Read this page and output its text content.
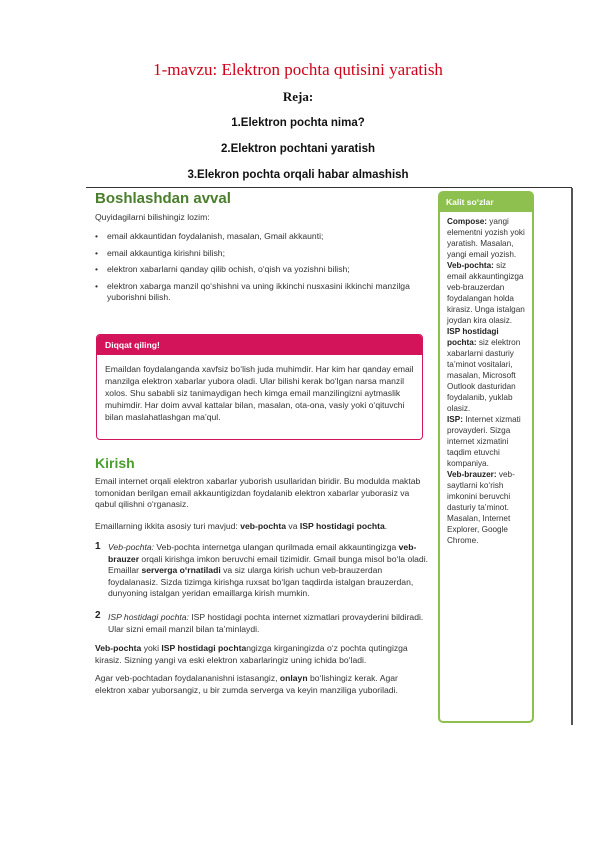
1-mavzu: Elektron pochta qutisini yaratish
Reja:
1.Elektron pochta nima?
2.Elektron pochtani yaratish
3.Elekron pochta orqali habar almashish
Boshlashdan avval
Quyidagilarni bilishingiz lozim:
• email akkauntidan foydalanish, masalan, Gmail akkaunti;
• email akkauntiga kirishni bilish;
• elektron xabarlarni qanday qilib ochish, o‘qish va yozishni bilish;
• elektron xabarga manzil qo‘shishni va uning ikkinchi nusxasini ikkinchi manzilga yuborishni bilish.
Diqqat qiling!
Emaildan foydalanganda xavfsiz bo‘lish juda muhimdir. Har kim har qanday email manzilga elektron xabarlar yubora oladi. Ular bilishi kerak bo‘lgan narsa manzil xolos. Shu sababli siz tanimaydigan hech kimga email manzilingizni aytmaslik muhimdir. Har doim avval kattalar bilan, masalan, ota-ona, vasiy yoki o‘qituvchi bilan maslahatlashgan ma’qul.
Kirish
Email internet orqali elektron xabarlar yuborish usullaridan biridir. Bu modulda maktab tomonidan berilgan email akkauntigizdan foydalanib elektron xabarlar yuborasiz va qabul qilishni o‘rganasiz.
Emaillarning ikkita asosiy turi mavjud: veb-pochta va ISP hostidagi pochta.
1 Veb-pochta: Veb-pochta internetga ulangan qurilmada email akkauntingizga veb-brauzer orqali kirishga imkon beruvchi email tizimidir. Gmail bunga misol bo‘la oladi. Emaillar serverga o‘rnatiladi va siz ularga kirish uchun veb-brauzerdan foydalanasiz. Sizda tizimga kirishga ruxsat bo‘lgan taqdirda istalgan brauzerdan, dunyoning istalgan yeridan emaillarga kirish mumkin.
2 ISP hostidagi pochta: ISP hostidagi pochta internet xizmatlari provayderini bildiradi. Ular sizni email manzil bilan ta’minlaydi.
Veb-pochta yoki ISP hostidagi pochtangizga kirganingizda o‘z pochta qutingizga kirasiz. Sizning yangi va eski elektron xabarlaringiz uning ichida bo‘ladi.
Agar veb-pochtadan foydalananishni istasangiz, onlayn bo‘lishingiz kerak. Agar elektron xabar yuborsangiz, u bir zumda serverga va keyin manziliga yuboriladi.
Kalit so‘zlar

Compose: yangi elementni yozish yoki yaratish. Masalan, yangi email yozish.

Veb-pochta: siz email akkauntingizga veb-brauzerdan foydalangan holda kirasiz. Unga istalgan joydan kira olasiz.

ISP hostidagi pochta: siz elektron xabarlarni dasturiy ta’minot vositalari, masalan, Microsoft Outlook dasturidan foydalanib, yuklab olasiz.

ISP: Internet xizmati provayderi. Sizga internet xizmatini taqdim etuvchi kompaniya.

Veb-brauzer: veb-saytlarni ko‘rish imkonini beruvchi dasturiy ta’minot. Masalan, Internet Explorer, Google Chrome.
